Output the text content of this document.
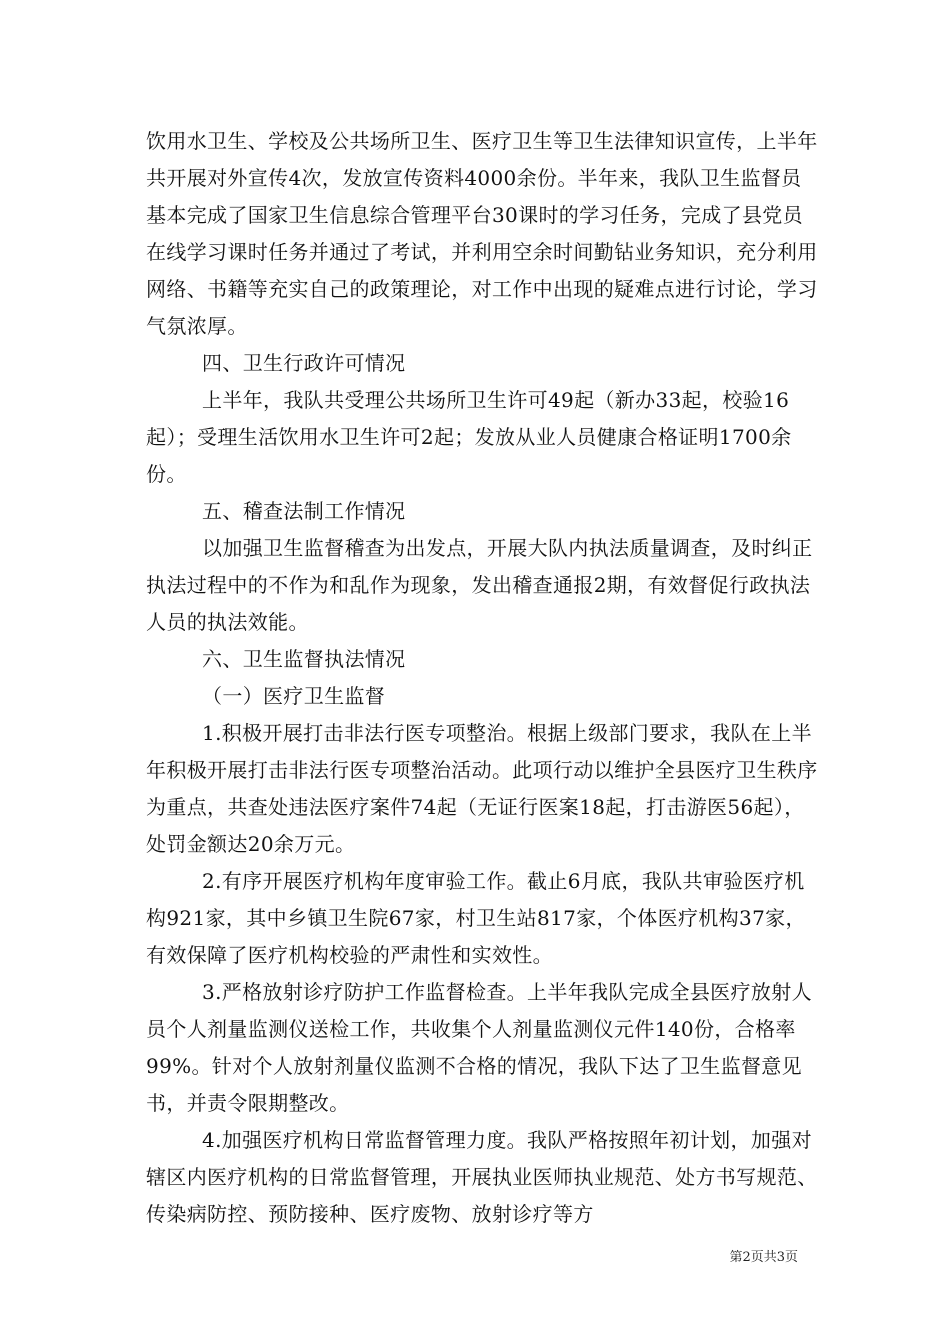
饮用水卫生、学校及公共场所卫生、医疗卫生等卫生法律知识宣传，上半年共开展对外宣传4次，发放宣传资料4000余份。半年来，我队卫生监督员基本完成了国家卫生信息综合管理平台30课时的学习任务，完成了县党员在线学习课时任务并通过了考试，并利用空余时间勤钻业务知识，充分利用网络、书籍等充实自己的政策理论，对工作中出现的疑难点进行讨论，学习气氛浓厚。

四、卫生行政许可情况

上半年，我队共受理公共场所卫生许可49起（新办33起，校验16起）；受理生活饮用水卫生许可2起；发放从业人员健康合格证明1700余份。

五、稽查法制工作情况

以加强卫生监督稽查为出发点，开展大队内执法质量调查，及时纠正执法过程中的不作为和乱作为现象，发出稽查通报2期，有效督促行政执法人员的执法效能。

六、卫生监督执法情况

（一）医疗卫生监督

1.积极开展打击非法行医专项整治。根据上级部门要求，我队在上半年积极开展打击非法行医专项整治活动。此项行动以维护全县医疗卫生秩序为重点，共查处违法医疗案件74起（无证行医案18起，打击游医56起），处罚金额达20余万元。

2.有序开展医疗机构年度审验工作。截止6月底，我队共审验医疗机构921家，其中乡镇卫生院67家，村卫生站817家，个体医疗机构37家，有效保障了医疗机构校验的严肃性和实效性。

3.严格放射诊疗防护工作监督检查。上半年我队完成全县医疗放射人员个人剂量监测仪送检工作，共收集个人剂量监测仪元件140份，合格率99%。针对个人放射剂量仪监测不合格的情况，我队下达了卫生监督意见书，并责令限期整改。

4.加强医疗机构日常监督管理力度。我队严格按照年初计划，加强对辖区内医疗机构的日常监督管理，开展执业医师执业规范、处方书写规范、传染病防控、预防接种、医疗废物、放射诊疗等方

第2页共3页
